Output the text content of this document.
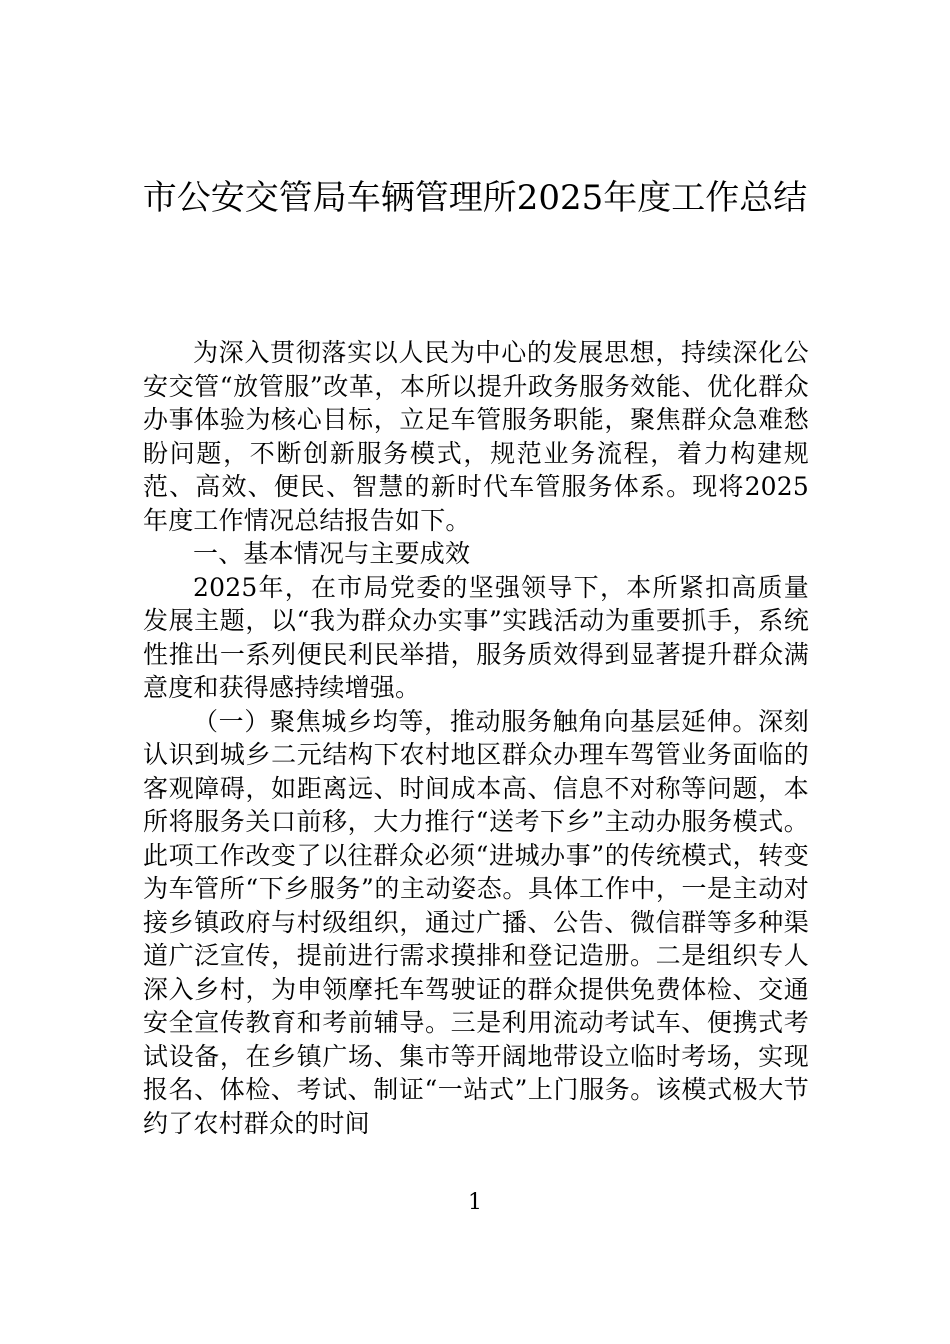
市公安交管局车辆管理所2025年度工作总结

为深入贯彻落实以人民为中心的发展思想，持续深化公安交管“放管服”改革，本所以提升政务服务效能、优化群众办事体验为核心目标，立足车管服务职能，聚焦群众急难愁盼问题，不断创新服务模式，规范业务流程，着力构建规范、高效、便民、智慧的新时代车管服务体系。现将2025年度工作情况总结报告如下。

一、基本情况与主要成效

2025年，在市局党委的坚强领导下，本所紧扣高质量发展主题，以“我为群众办实事”实践活动为重要抓手，系统性推出一系列便民利民举措，服务质效得到显著提升群众满意度和获得感持续增强。

（一）聚焦城乡均等，推动服务触角向基层延伸。深刻认识到城乡二元结构下农村地区群众办理车驾管业务面临的客观障碍，如距离远、时间成本高、信息不对称等问题，本所将服务关口前移，大力推行“送考下乡”主动办服务模式。此项工作改变了以往群众必须“进城办事”的传统模式，转变为车管所“下乡服务”的主动姿态。具体工作中，一是主动对接乡镇政府与村级组织，通过广播、公告、微信群等多种渠道广泛宣传，提前进行需求摸排和登记造册。二是组织专人深入乡村，为申领摩托车驾驶证的群众提供免费体检、交通安全宣传教育和考前辅导。三是利用流动考试车、便携式考试设备，在乡镇广场、集市等开阔地带设立临时考场，实现报名、体检、考试、制证“一站式”上门服务。该模式极大节约了农村群众的时间

1
